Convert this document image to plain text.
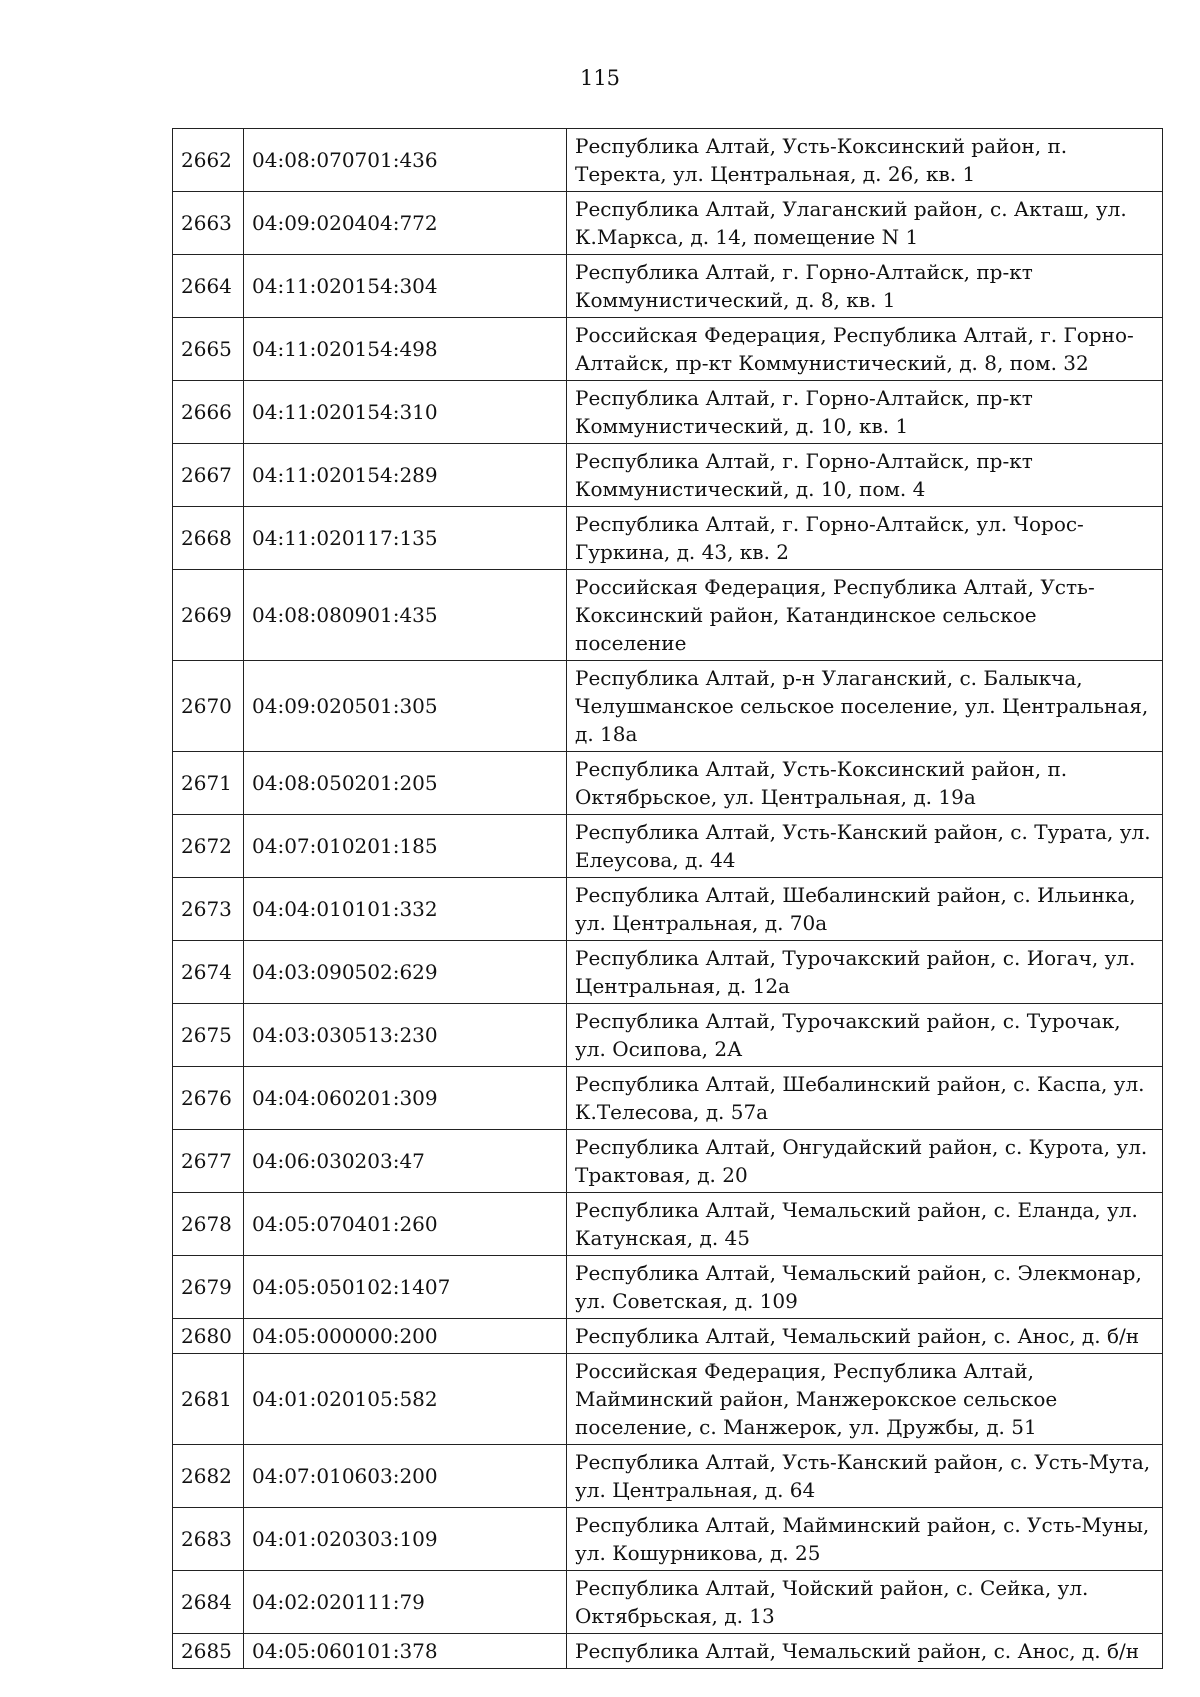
115
2662	04:08:070701:436	Республика Алтай, Усть-Коксинский район, п. Теректа, ул. Центральная, д. 26, кв. 1
2663	04:09:020404:772	Республика Алтай, Улаганский район, с. Акташ, ул. К.Маркса, д. 14, помещение N 1
2664	04:11:020154:304	Республика Алтай, г. Горно-Алтайск, пр-кт Коммунистический, д. 8, кв. 1
2665	04:11:020154:498	Российская Федерация, Республика Алтай, г. Горно-Алтайск, пр-кт Коммунистический, д. 8, пом. 32
2666	04:11:020154:310	Республика Алтай, г. Горно-Алтайск, пр-кт Коммунистический, д. 10, кв. 1
2667	04:11:020154:289	Республика Алтай, г. Горно-Алтайск, пр-кт Коммунистический, д. 10, пом. 4
2668	04:11:020117:135	Республика Алтай, г. Горно-Алтайск, ул. Чорос-Гуркина, д. 43, кв. 2
2669	04:08:080901:435	Российская Федерация, Республика Алтай, Усть-Коксинский район, Катандинское сельское поселение
2670	04:09:020501:305	Республика Алтай, р-н Улаганский, с. Балыкча, Челушманское сельское поселение, ул. Центральная, д. 18а
2671	04:08:050201:205	Республика Алтай, Усть-Коксинский район, п. Октябрьское, ул. Центральная, д. 19а
2672	04:07:010201:185	Республика Алтай, Усть-Канский район, с. Турата, ул. Елеусова, д. 44
2673	04:04:010101:332	Республика Алтай, Шебалинский район, с. Ильинка, ул. Центральная, д. 70а
2674	04:03:090502:629	Республика Алтай, Турочакский район, с. Иогач, ул. Центральная, д. 12а
2675	04:03:030513:230	Республика Алтай, Турочакский район, с. Турочак, ул. Осипова, 2А
2676	04:04:060201:309	Республика Алтай, Шебалинский район, с. Каспа, ул. К.Телесова, д. 57а
2677	04:06:030203:47	Республика Алтай, Онгудайский район, с. Курота, ул. Трактовая, д. 20
2678	04:05:070401:260	Республика Алтай, Чемальский район, с. Еланда, ул. Катунская, д. 45
2679	04:05:050102:1407	Республика Алтай, Чемальский район, с. Элекмонар, ул. Советская, д. 109
2680	04:05:000000:200	Республика Алтай, Чемальский район, с. Анос, д. б/н
2681	04:01:020105:582	Российская Федерация, Республика Алтай, Майминский район, Манжерокское сельское поселение, с. Манжерок, ул. Дружбы, д. 51
2682	04:07:010603:200	Республика Алтай, Усть-Канский район, с. Усть-Мута, ул. Центральная, д. 64
2683	04:01:020303:109	Республика Алтай, Майминский район, с. Усть-Муны, ул. Кошурникова, д. 25
2684	04:02:020111:79	Республика Алтай, Чойский район, с. Сейка, ул. Октябрьская, д. 13
2685	04:05:060101:378	Республика Алтай, Чемальский район, с. Анос, д. б/н
